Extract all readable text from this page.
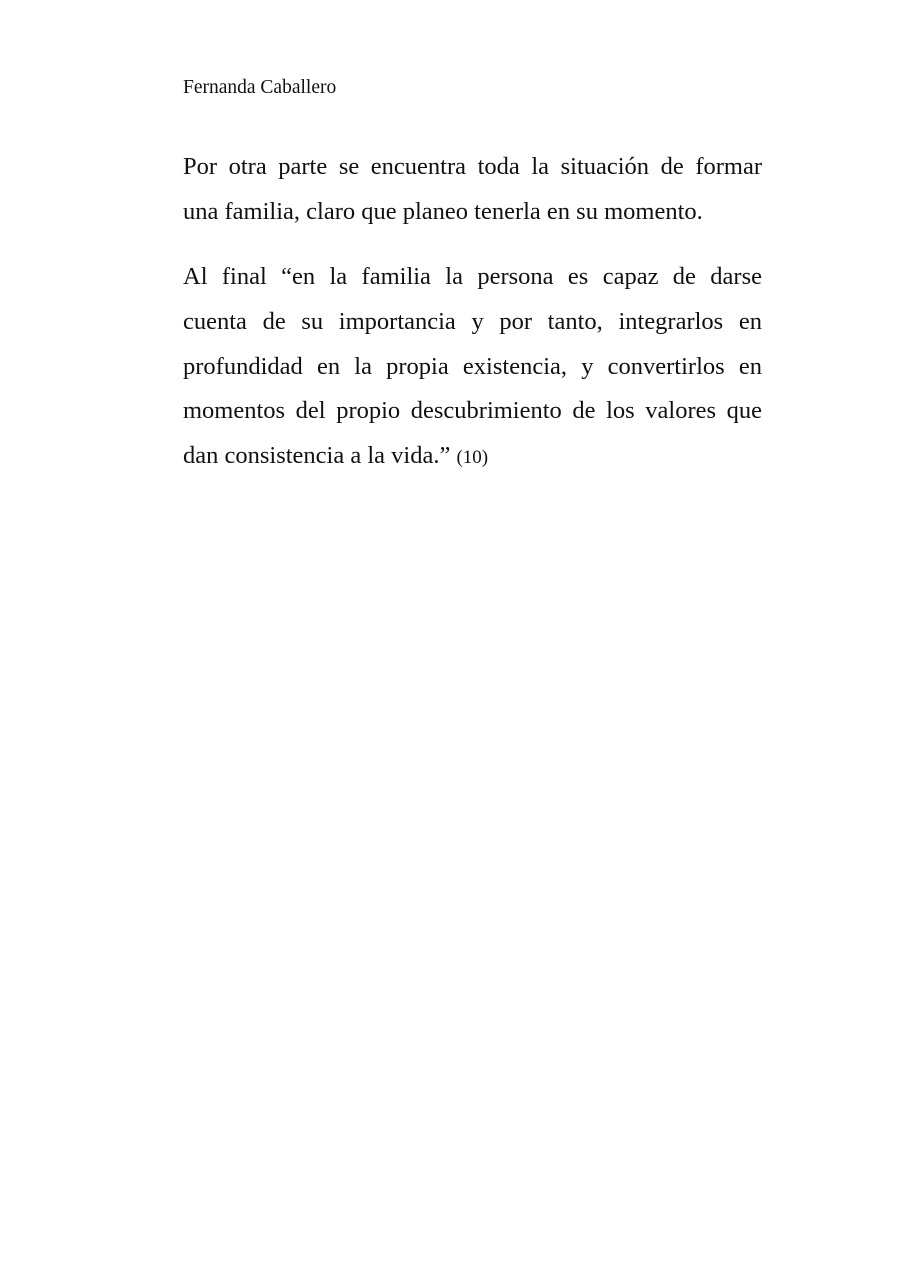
Fernanda Caballero
Por otra parte se encuentra toda la situación de formar
una familia, claro que planeo tenerla en su momento.
Al final “en la familia la persona es capaz de darse
cuenta de su importancia y por tanto, integrarlos en
profundidad en la propia existencia, y convertirlos en
momentos del propio descubrimiento de los valores que
dan consistencia a la vida.” (10)
